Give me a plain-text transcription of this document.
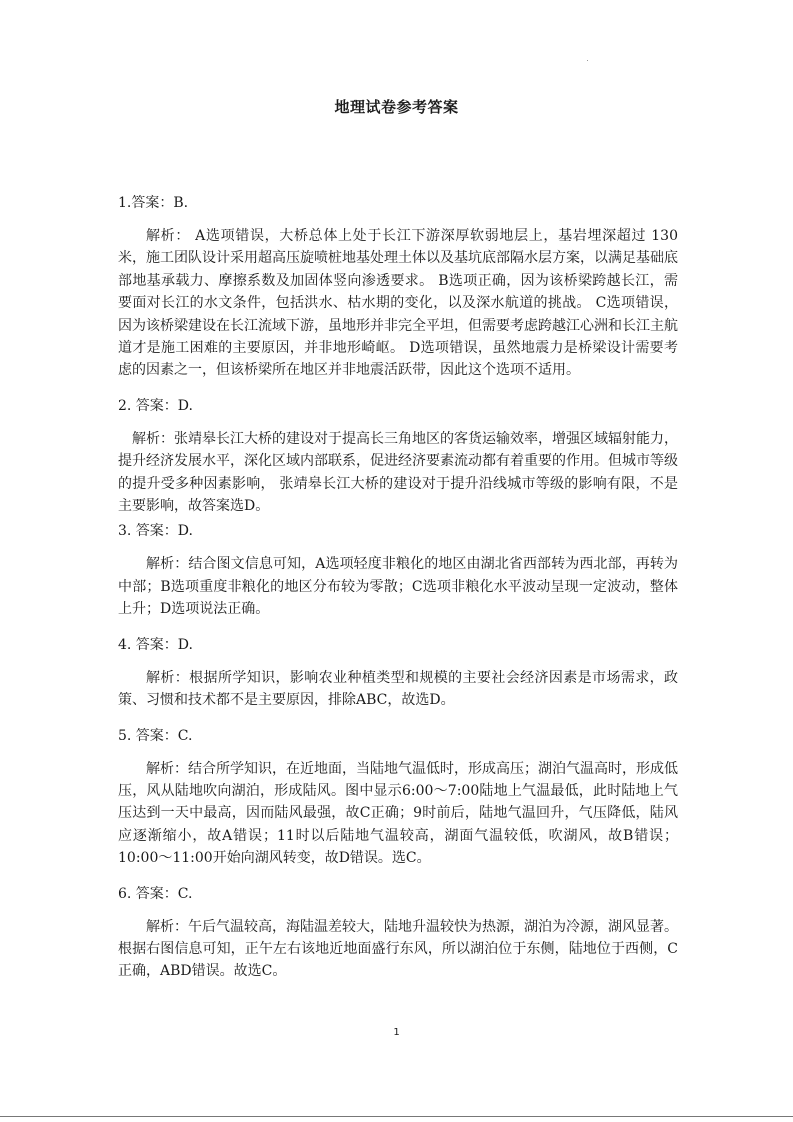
地理试卷参考答案

1.答案：B.

解析： A选项错误，大桥总体上处于长江下游深厚软弱地层上，基岩埋深超过 130 米，施工团队设计采用超高压旋喷桩地基处理土体以及基坑底部隔水层方案，以满足基础底部地基承载力、摩擦系数及加固体竖向渗透要求。 B选项正确，因为该桥梁跨越长江，需要面对长江的水文条件，包括洪水、枯水期的变化，以及深水航道的挑战。 C选项错误，因为该桥梁建设在长江流域下游，虽地形并非完全平坦，但需要考虑跨越江心洲和长江主航道才是施工困难的主要原因，并非地形崎岖。 D选项错误，虽然地震力是桥梁设计需要考虑的因素之一，但该桥梁所在地区并非地震活跃带，因此这个选项不适用。

2. 答案：D.

解析：张靖皋长江大桥的建设对于提高长三角地区的客货运输效率，增强区域辐射能力，提升经济发展水平，深化区域内部联系，促进经济要素流动都有着重要的作用。但城市等级的提升受多种因素影响， 张靖皋长江大桥的建设对于提升沿线城市等级的影响有限，不是主要影响，故答案选D。

3. 答案：D.

解析：结合图文信息可知，A选项轻度非粮化的地区由湖北省西部转为西北部，再转为中部；B选项重度非粮化的地区分布较为零散；C选项非粮化水平波动呈现一定波动，整体上升；D选项说法正确。

4. 答案：D.

解析：根据所学知识，影响农业种植类型和规模的主要社会经济因素是市场需求，政策、习惯和技术都不是主要原因，排除ABC，故选D。

5. 答案：C.

解析：结合所学知识，在近地面，当陆地气温低时，形成高压；湖泊气温高时，形成低压，风从陆地吹向湖泊，形成陆风。图中显示6:00～7:00陆地上气温最低，此时陆地上气压达到一天中最高，因而陆风最强，故C正确；9时前后，陆地气温回升，气压降低，陆风应逐渐缩小，故A错误；11时以后陆地气温较高，湖面气温较低，吹湖风，故B错误；10:00～11:00开始向湖风转变，故D错误。选C。

6. 答案：C.

解析：午后气温较高，海陆温差较大，陆地升温较快为热源，湖泊为冷源，湖风显著。根据右图信息可知，正午左右该地近地面盛行东风，所以湖泊位于东侧，陆地位于西侧，C正确，ABD错误。故选C。

1
